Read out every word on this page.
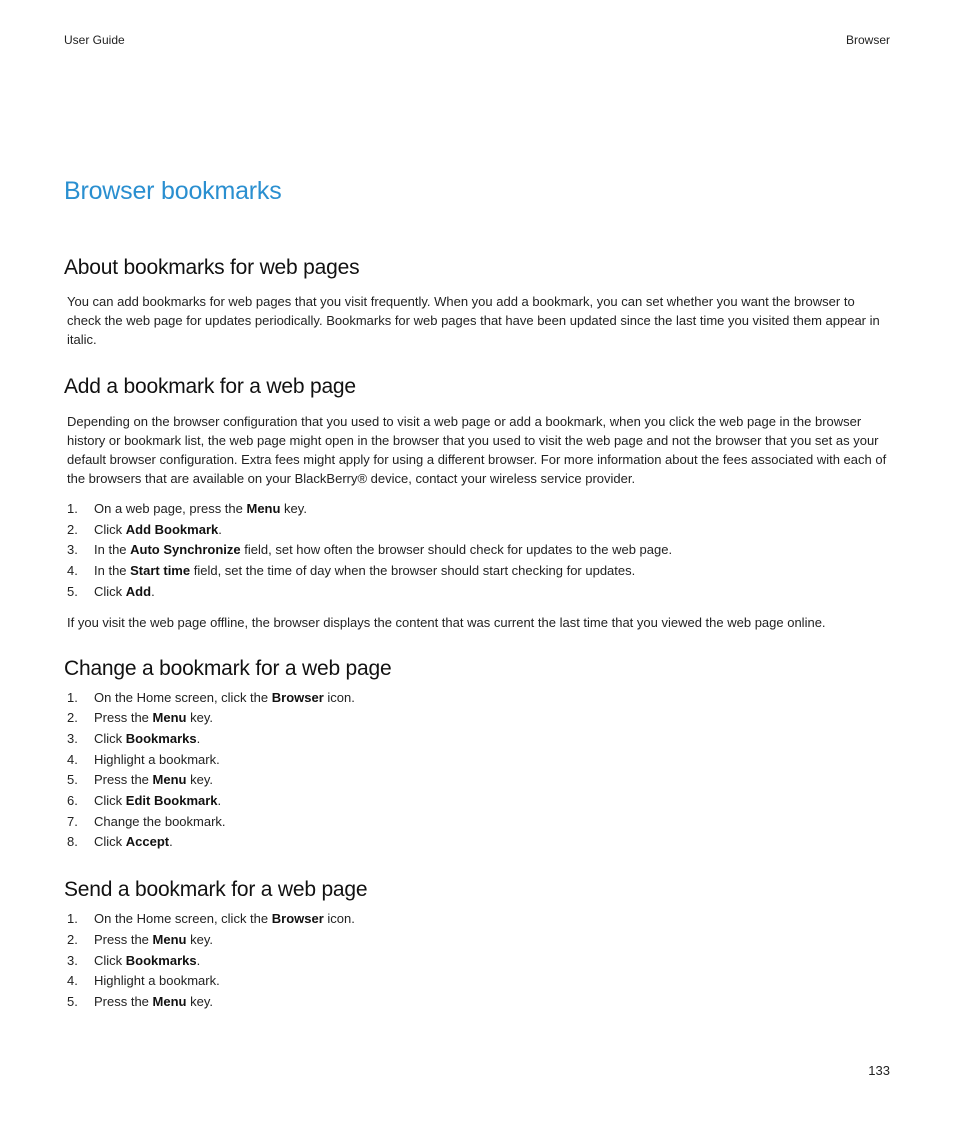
User Guide	Browser
Browser bookmarks
About bookmarks for web pages

You can add bookmarks for web pages that you visit frequently. When you add a bookmark, you can set whether you want the browser to check the web page for updates periodically. Bookmarks for web pages that have been updated since the last time you visited them appear in italic.

Add a bookmark for a web page

Depending on the browser configuration that you used to visit a web page or add a bookmark, when you click the web page in the browser history or bookmark list, the web page might open in the browser that you used to visit the web page and not the browser that you set as your default browser configuration. Extra fees might apply for using a different browser. For more information about the fees associated with each of the browsers that are available on your BlackBerry® device, contact your wireless service provider.

1. On a web page, press the Menu key.
2. Click Add Bookmark.
3. In the Auto Synchronize field, set how often the browser should check for updates to the web page.
4. In the Start time field, set the time of day when the browser should start checking for updates.
5. Click Add.

If you visit the web page offline, the browser displays the content that was current the last time that you viewed the web page online.

Change a bookmark for a web page
1. On the Home screen, click the Browser icon.
2. Press the Menu key.
3. Click Bookmarks.
4. Highlight a bookmark.
5. Press the Menu key.
6. Click Edit Bookmark.
7. Change the bookmark.
8. Click Accept.
Send a bookmark for a web page
1. On the Home screen, click the Browser icon.
2. Press the Menu key.
3. Click Bookmarks.
4. Highlight a bookmark.
5. Press the Menu key.
133
